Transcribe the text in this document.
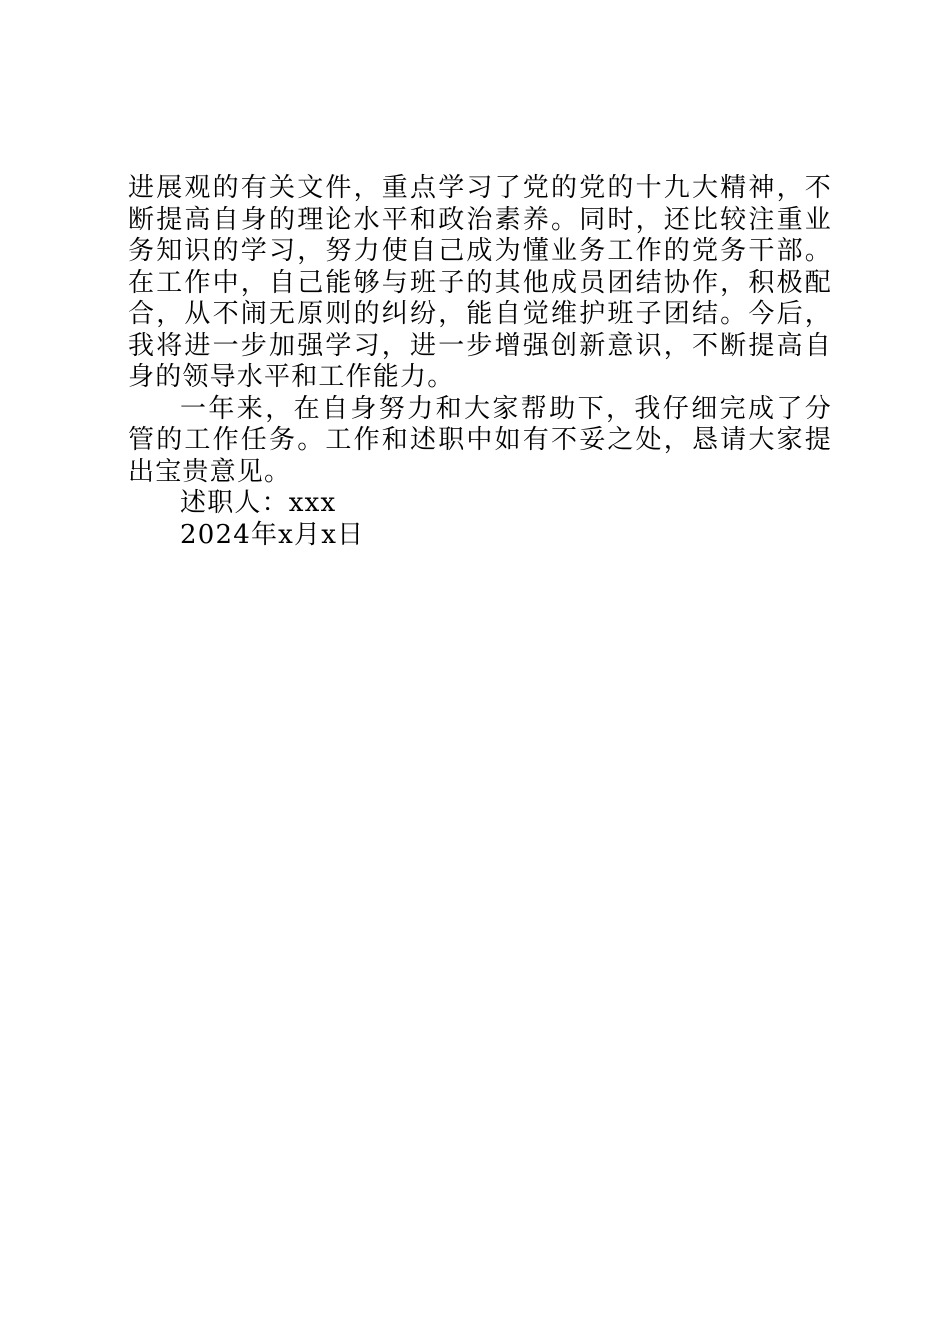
进展观的有关文件，重点学习了党的党的十九大精神，不断提高自身的理论水平和政治素养。同时，还比较注重业务知识的学习，努力使自己成为懂业务工作的党务干部。在工作中，自己能够与班子的其他成员团结协作，积极配合，从不闹无原则的纠纷，能自觉维护班子团结。今后，我将进一步加强学习，进一步增强创新意识，不断提高自身的领导水平和工作能力。

一年来，在自身努力和大家帮助下，我仔细完成了分管的工作任务。工作和述职中如有不妥之处，恳请大家提出宝贵意见。

述职人：xxx

2024年x月x日
